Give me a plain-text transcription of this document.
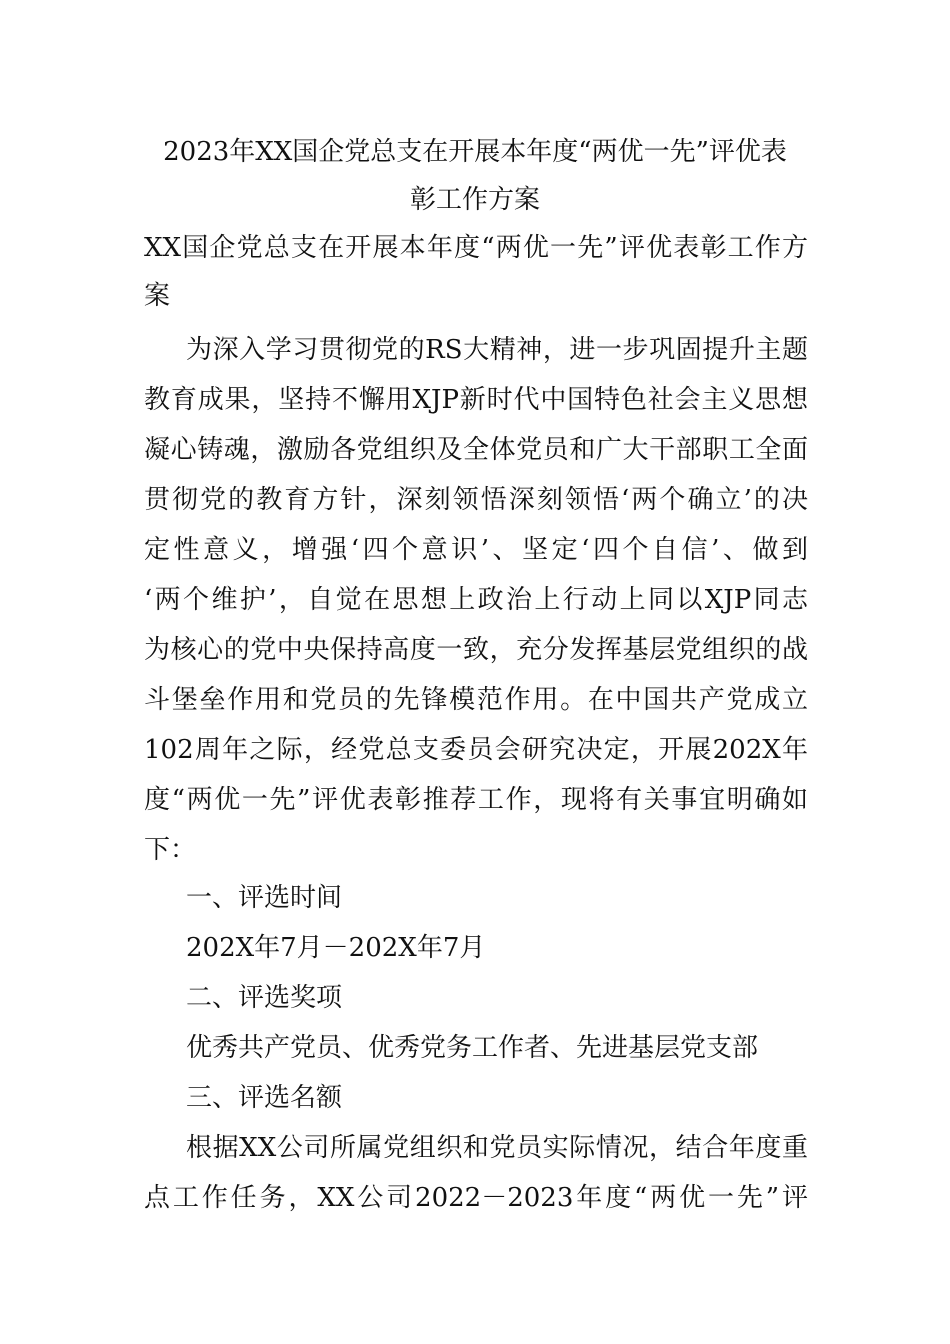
2023年XX国企党总支在开展本年度“两优一先”评优表
彰工作方案

XX国企党总支在开展本年度“两优一先”评优表彰工作方

案

为深入学习贯彻党的RS大精神，进一步巩固提升主题

教育成果，坚持不懈用XJP新时代中国特色社会主义思想

凝心铸魂，激励各党组织及全体党员和广大干部职工全面

贯彻党的教育方针，深刻领悟深刻领悟‘两个确立’的决

定性意义，增强‘四个意识’、坚定‘四个自信’、做到

‘两个维护’，自觉在思想上政治上行动上同以XJP同志

为核心的党中央保持高度一致，充分发挥基层党组织的战

斗堡垒作用和党员的先锋模范作用。在中国共产党成立

102周年之际，经党总支委员会研究决定，开展202X年

度“两优一先”评优表彰推荐工作，现将有关事宜明确如

下：

一、评选时间

202X年7月－202X年7月

二、评选奖项

优秀共产党员、优秀党务工作者、先进基层党支部

三、评选名额

根据XX公司所属党组织和党员实际情况，结合年度重

点工作任务，XX公司2022－2023年度“两优一先”评
